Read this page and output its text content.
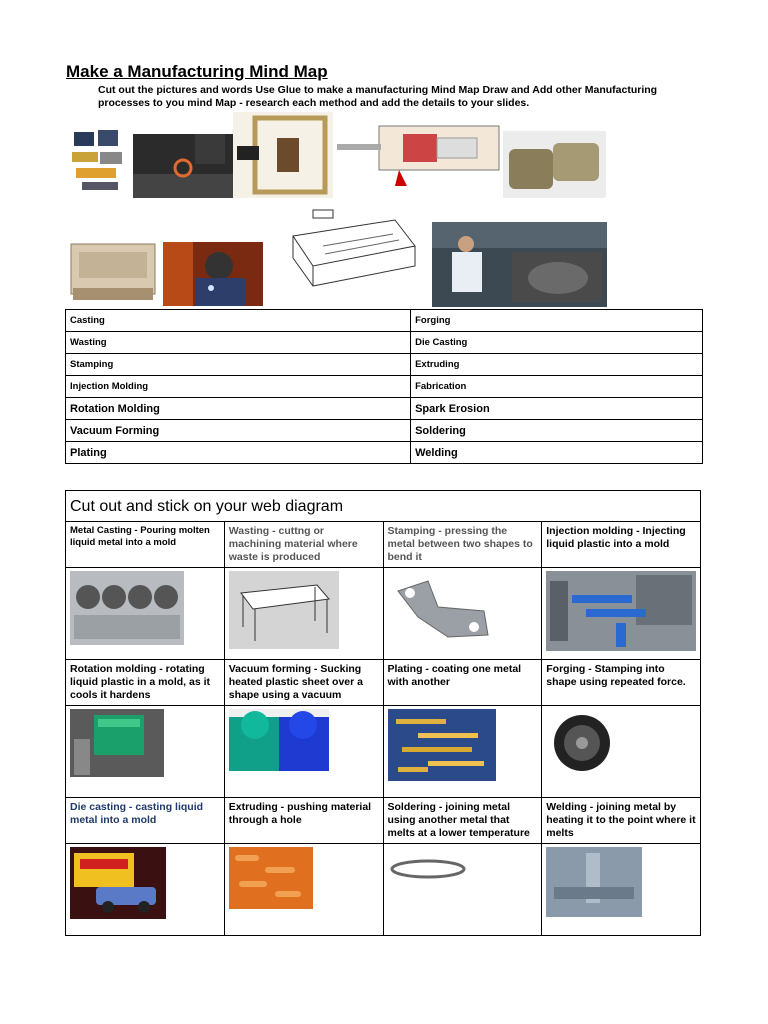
Make a Manufacturing Mind Map
Cut out the pictures and words Use Glue to make a manufacturing Mind Map Draw and Add other Manufacturing processes to you mind Map - research each method and add the details to your slides.
Casting	Forging
Wasting	Die Casting
Stamping	Extruding
Injection Molding	Fabrication
Rotation Molding	Spark Erosion
Vacuum Forming	Soldering
Plating	Welding
Cut out and stick on your web diagram			
Metal Casting - Pouring molten liquid metal into a mold	Wasting - cuttng or machining material where waste is produced	Stamping - pressing the metal between two shapes to bend it	Injection molding - Injecting liquid plastic into a mold

Rotation molding - rotating liquid plastic in a mold, as it cools it hardens	Vacuum forming - Sucking heated plastic sheet over a shape using a vacuum	Plating - coating one metal with another	Forging - Stamping into shape using repeated force.

Die casting - casting liquid metal into a mold	Extruding - pushing material through a hole	Soldering - joining metal using another metal that melts at a lower temperature	Welding - joining metal by heating it to the point where it melts
